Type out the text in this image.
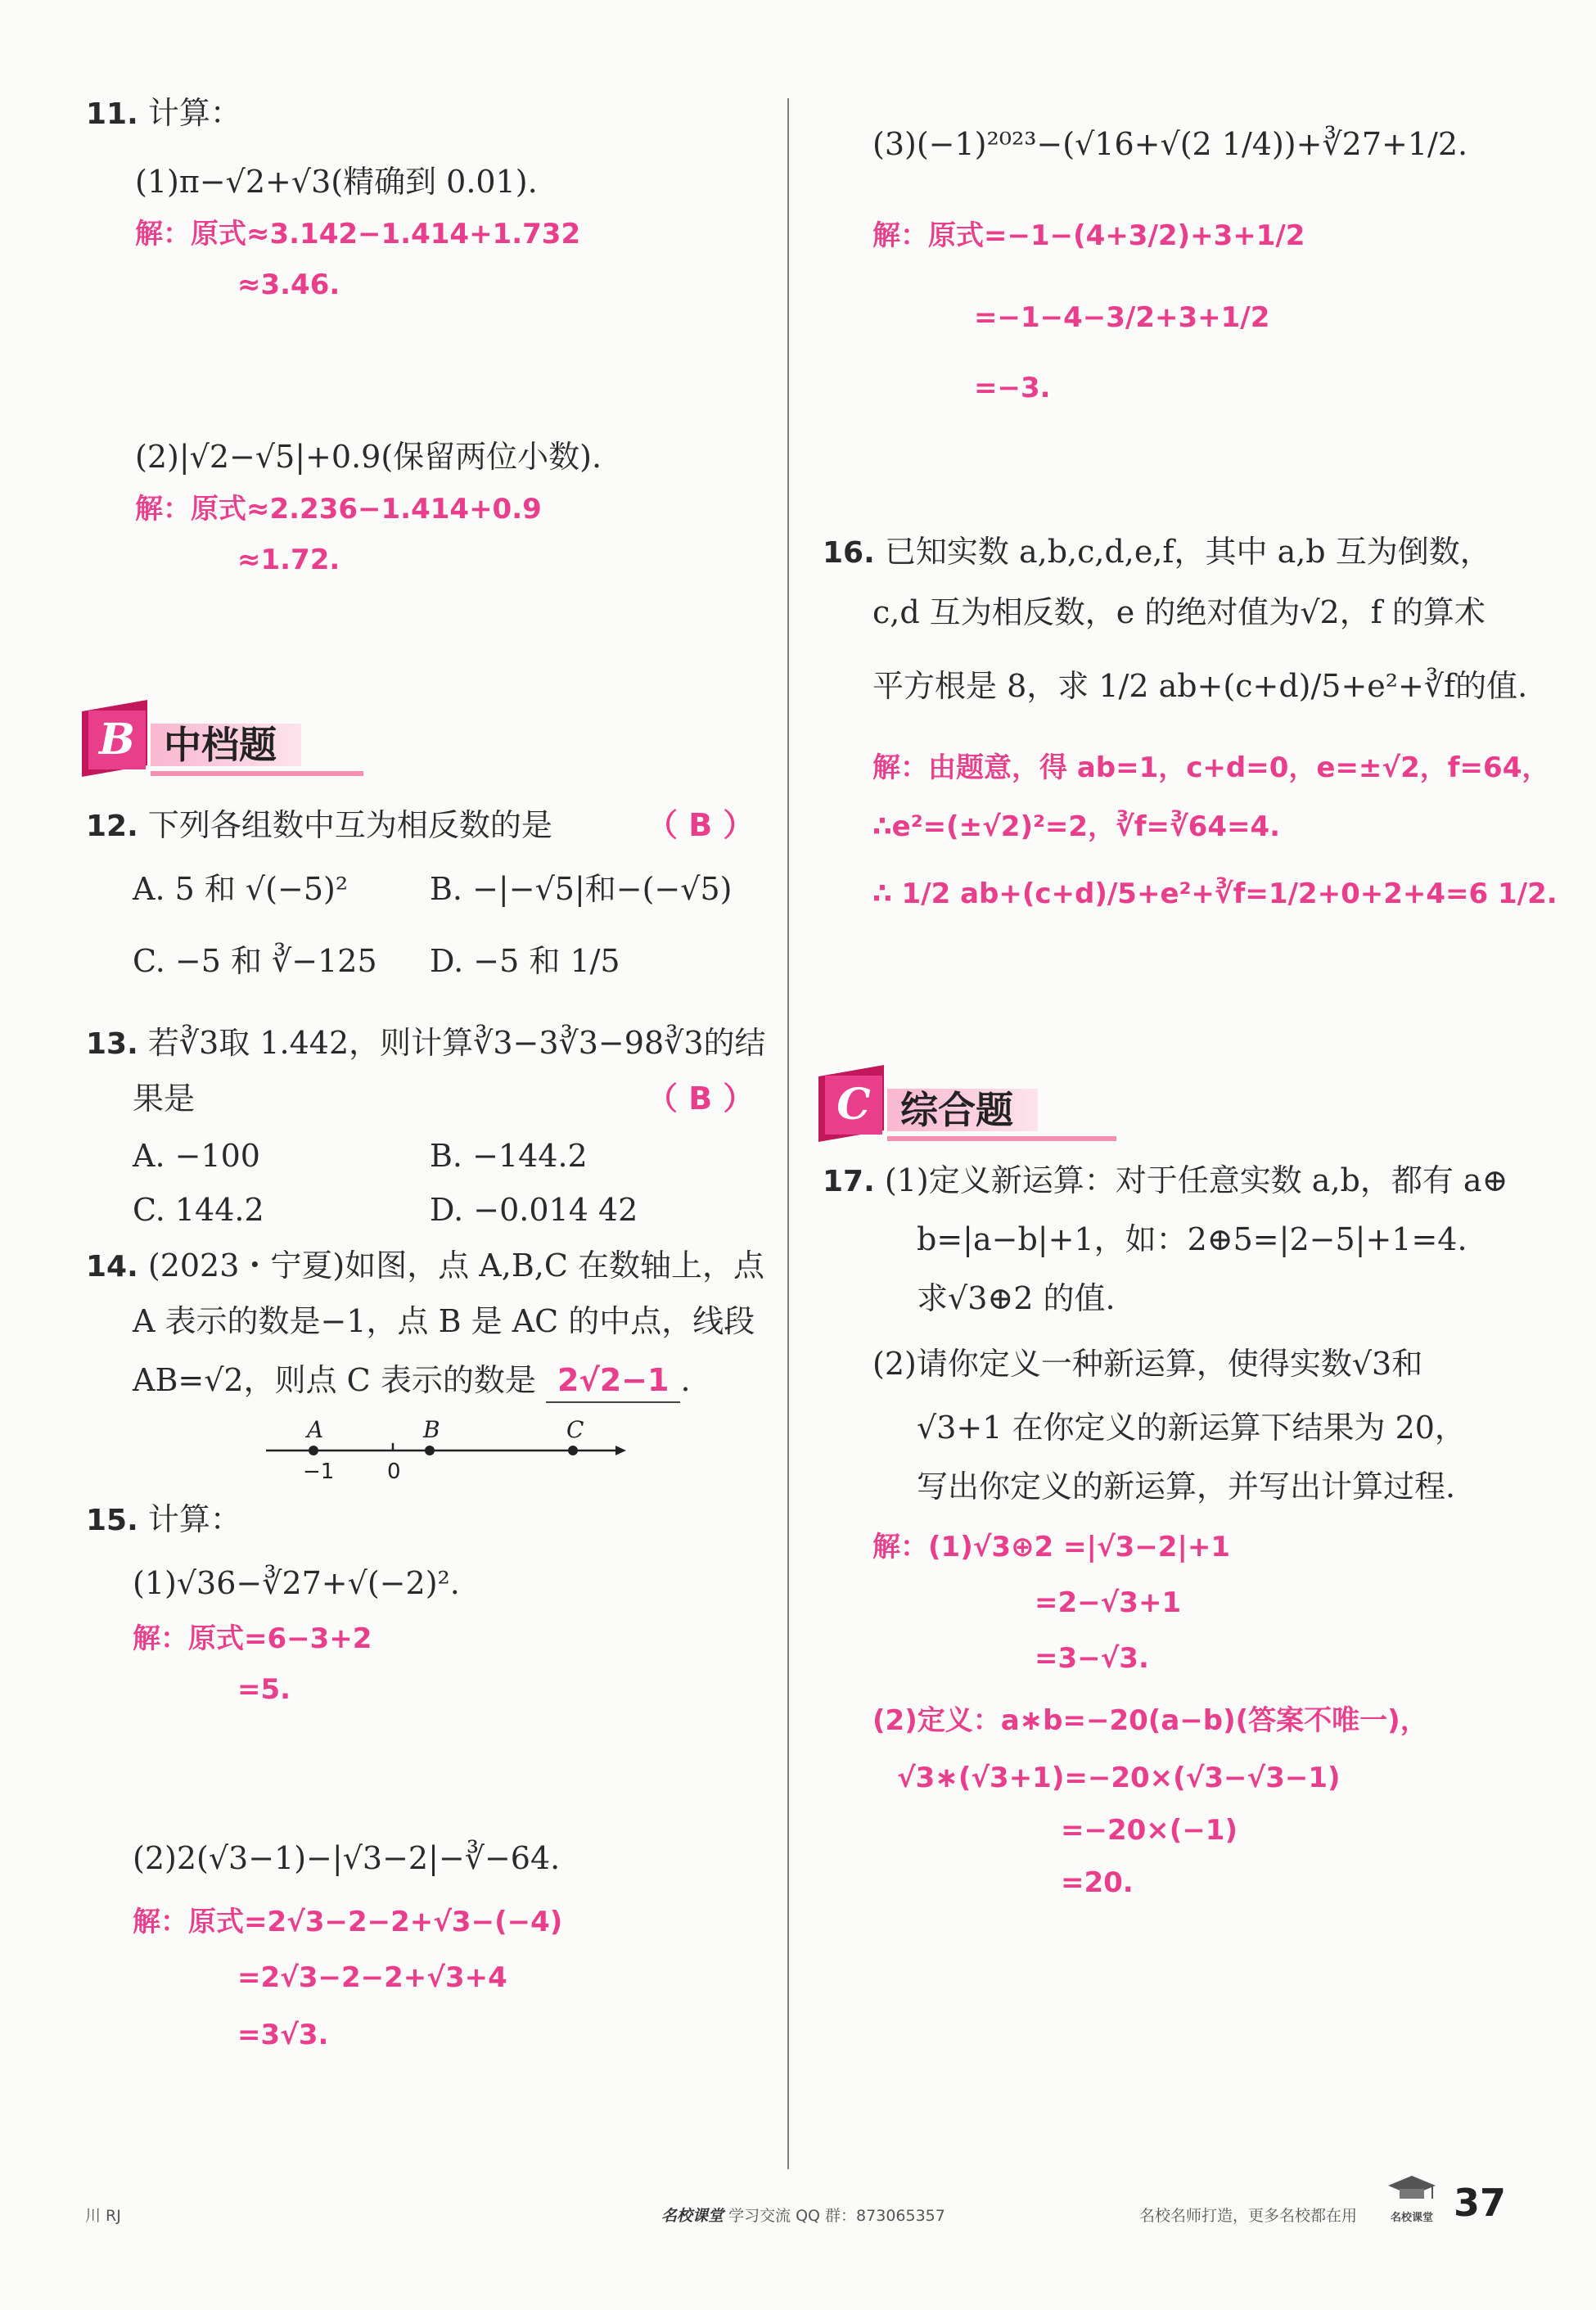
11. 计算：
(1)π−√2+√3(精确到 0.01).
解：原式≈3.142−1.414+1.732
≈3.46.
(2)|√2−√5|+0.9(保留两位小数).
解：原式≈2.236−1.414+0.9
≈1.72.
B 中档题
12. 下列各组数中互为相反数的是	（ B ）
A. 5 和 √(−5)²	B. −|−√5|和−(−√5)
C. −5 和 ∛−125 D. −5 和 1/5
13. 若∛3取 1.442，则计算∛3−3∛3−98∛3的结
果是	（ B ）
A. −100	B. −144.2
C. 144.2	D. −0.014 42
14. (2023・宁夏)如图，点 A,B,C 在数轴上，点
A 表示的数是−1，点 B 是 AC 的中点，线段
AB=√2，则点 C 表示的数是 2√2−1 .
A	B	C
−1 0
15. 计算：
(1)√36−∛27+√(−2)².
解：原式=6−3+2
=5.
(2)2(√3−1)−|√3−2|−∛−64.
解：原式=2√3−2−2+√3−(−4)
=2√3−2−2+√3+4
=3√3.
(3)(−1)²⁰²³−(√16+√(2 1/4))+∛27+1/2.
解：原式=−1−(4+3/2)+3+1/2
=−1−4−3/2+3+1/2
=−3.
16. 已知实数 a,b,c,d,e,f，其中 a,b 互为倒数，
c,d 互为相反数，e 的绝对值为√2，f 的算术
平方根是 8，求 1/2 ab+(c+d)/5+e²+∛f的值.
解：由题意，得 ab=1，c+d=0，e=±√2，f=64，
∴e²=(±√2)²=2，∛f=∛64=4.
∴ 1/2 ab+(c+d)/5+e²+∛f=1/2+0+2+4=6 1/2.
C 综合题
17. (1)定义新运算：对于任意实数 a,b，都有 a⊕
b=|a−b|+1，如：2⊕5=|2−5|+1=4.
求√3⊕2 的值.
(2)请你定义一种新运算，使得实数√3和
√3+1 在你定义的新运算下结果为 20，
写出你定义的新运算，并写出计算过程.
解：(1)√3⊕2 =|√3−2|+1
=2−√3+1
=3−√3.
(2)定义：a∗b=−20(a−b)(答案不唯一)，
√3∗(√3+1)=−20×(√3−√3−1)
=−20×(−1)
=20.
川 RJ	名校课堂 学习交流 QQ 群：873065357	名校名师打造，更多名校都在用	名校课堂 37
